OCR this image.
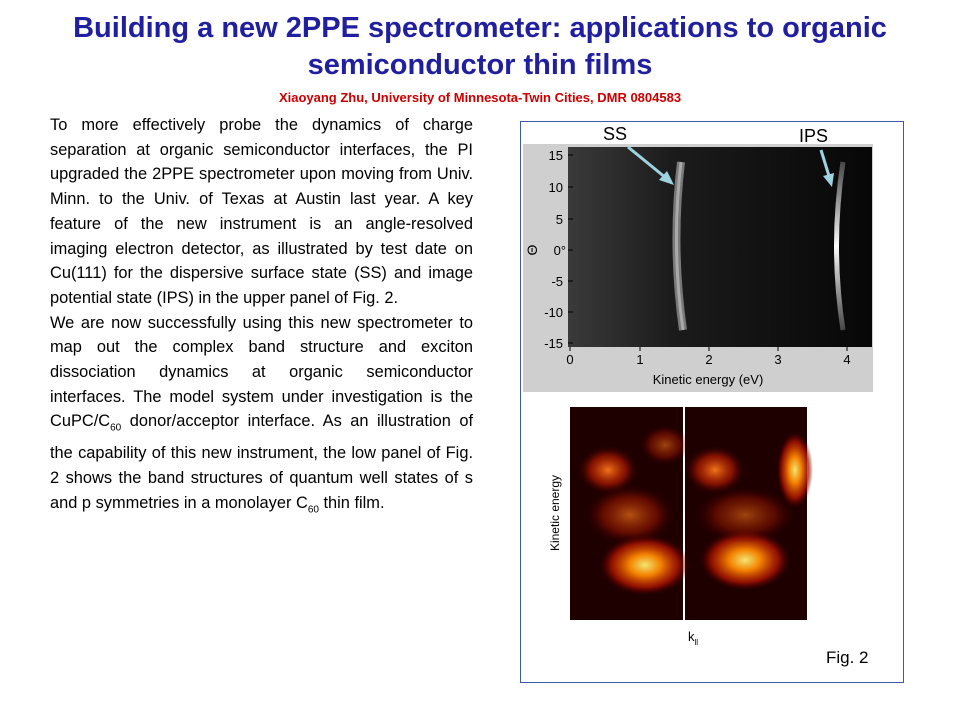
Building a new 2PPE spectrometer: applications to organic semiconductor thin films
Xiaoyang Zhu, University of Minnesota-Twin Cities, DMR 0804583

To more effectively probe the dynamics of charge separation at organic semiconductor interfaces, the PI upgraded the 2PPE spectrometer upon moving from Univ. Minn. to the Univ. of Texas at Austin last year. A key feature of the new instrument is an angle-resolved imaging electron detector, as illustrated by test date on Cu(111) for the dispersive surface state (SS) and image potential state (IPS) in the upper panel of Fig. 2.

We are now successfully using this new spectrometer to map out the complex band structure and exciton dissociation dynamics at organic semiconductor interfaces. The model system under investigation is the CuPC/$C_{60}$ donor/acceptor interface. As an illustration of the capability of this new instrument, the low panel of Fig. 2 shows the band structures of quantum well states of s and p symmetries in a monolayer $C_{60}$ thin film.

15
10
5
0°
-5
-10
-15
0	1	2	3	4
Kinetic energy (eV)
Θ
SS	IPS
Kinetic energy
$k_{ll}$
Fig. 2
